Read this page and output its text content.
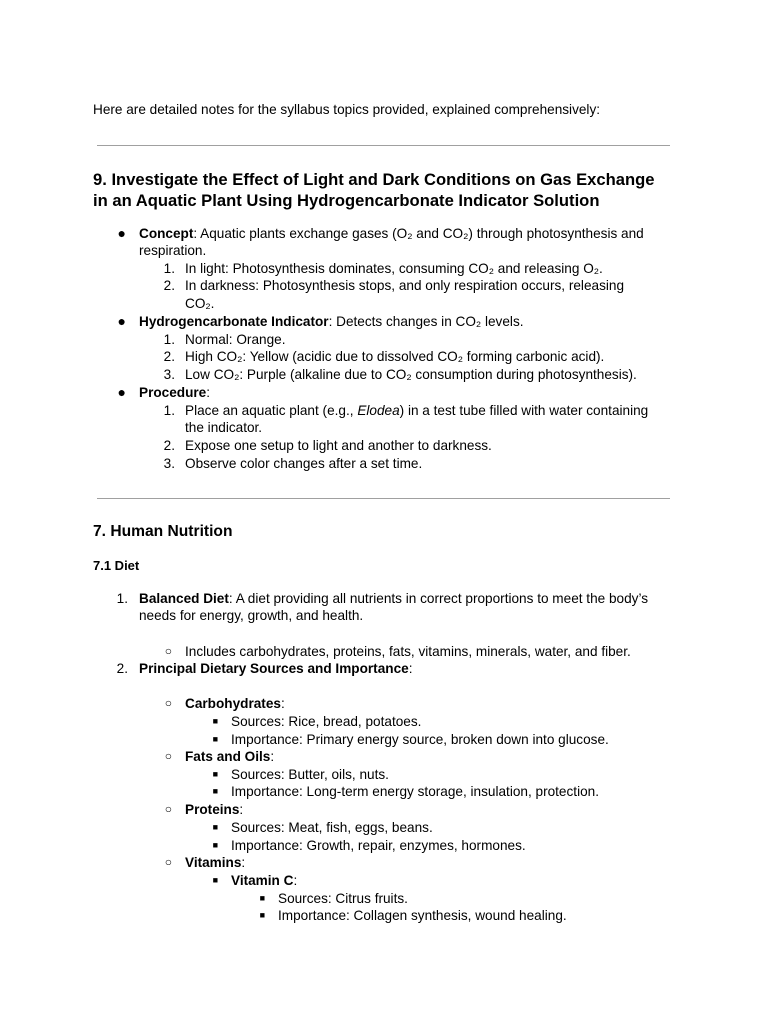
Here are detailed notes for the syllabus topics provided, explained comprehensively:
9. Investigate the Effect of Light and Dark Conditions on Gas Exchange
in an Aquatic Plant Using Hydrogencarbonate Indicator Solution
● Concept: Aquatic plants exchange gases (O₂ and CO₂) through photosynthesis and
respiration.
1. In light: Photosynthesis dominates, consuming CO₂ and releasing O₂.
2. In darkness: Photosynthesis stops, and only respiration occurs, releasing
CO₂.
● Hydrogencarbonate Indicator: Detects changes in CO₂ levels.
1. Normal: Orange.
2. High CO₂: Yellow (acidic due to dissolved CO₂ forming carbonic acid).
3. Low CO₂: Purple (alkaline due to CO₂ consumption during photosynthesis).
● Procedure:
1. Place an aquatic plant (e.g., Elodea) in a test tube filled with water containing
the indicator.
2. Expose one setup to light and another to darkness.
3. Observe color changes after a set time.
7. Human Nutrition
7.1 Diet
1. Balanced Diet: A diet providing all nutrients in correct proportions to meet the body’s
needs for energy, growth, and health.
○ Includes carbohydrates, proteins, fats, vitamins, minerals, water, and fiber.
2. Principal Dietary Sources and Importance:
○ Carbohydrates:
■ Sources: Rice, bread, potatoes.
■ Importance: Primary energy source, broken down into glucose.
○ Fats and Oils:
■ Sources: Butter, oils, nuts.
■ Importance: Long-term energy storage, insulation, protection.
○ Proteins:
■ Sources: Meat, fish, eggs, beans.
■ Importance: Growth, repair, enzymes, hormones.
○ Vitamins:
■ Vitamin C:
■ Sources: Citrus fruits.
■ Importance: Collagen synthesis, wound healing.
